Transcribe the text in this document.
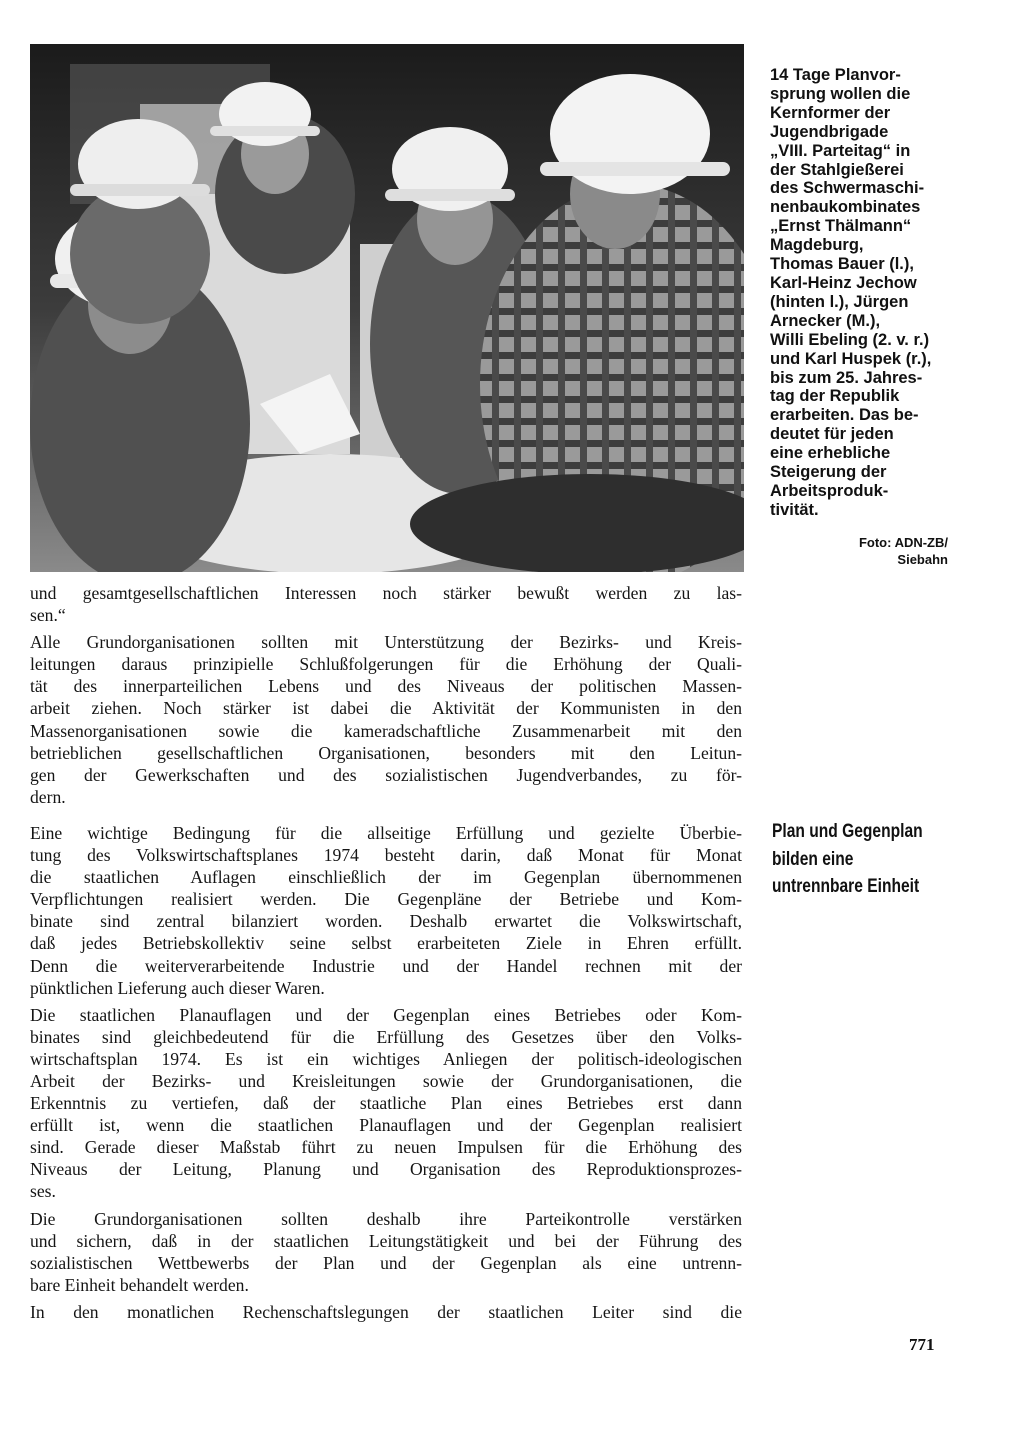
14 Tage Planvor-
sprung wollen die
Kernformer der
Jugendbrigade
„VIII. Parteitag“ in
der Stahlgießerei
des Schwermaschi-
nenbaukombinates
„Ernst Thälmann“
Magdeburg,
Thomas Bauer (l.),
Karl-Heinz Jechow
(hinten l.), Jürgen
Arnecker (M.),
Willi Ebeling (2. v. r.)
und Karl Huspek (r.),
bis zum 25. Jahres-
tag der Republik
erarbeiten. Das be-
deutet für jeden
eine erhebliche
Steigerung der
Arbeitsproduk-
tivität.
Foto: ADN-ZB/
Siebahn

und gesamtgesellschaftlichen Interessen noch stärker bewußt werden zu las-
sen.“

Alle Grundorganisationen sollten mit Unterstützung der Bezirks- und Kreis-
leitungen daraus prinzipielle Schlußfolgerungen für die Erhöhung der Quali-
tät des innerparteilichen Lebens und des Niveaus der politischen Massen-
arbeit ziehen. Noch stärker ist dabei die Aktivität der Kommunisten in den
Massenorganisationen sowie die kameradschaftliche Zusammenarbeit mit den
betrieblichen gesellschaftlichen Organisationen, besonders mit den Leitun-
gen der Gewerkschaften und des sozialistischen Jugendverbandes, zu för-
dern.

Eine wichtige Bedingung für die allseitige Erfüllung und gezielte Überbie-
tung des Volkswirtschaftsplanes 1974 besteht darin, daß Monat für Monat
die staatlichen Auflagen einschließlich der im Gegenplan übernommenen
Verpflichtungen realisiert werden. Die Gegenpläne der Betriebe und Kom-
binate sind zentral bilanziert worden. Deshalb erwartet die Volkswirtschaft,
daß jedes Betriebskollektiv seine selbst erarbeiteten Ziele in Ehren erfüllt.
Denn die weiterverarbeitende Industrie und der Handel rechnen mit der
pünktlichen Lieferung auch dieser Waren.

Die staatlichen Planauflagen und der Gegenplan eines Betriebes oder Kom-
binates sind gleichbedeutend für die Erfüllung des Gesetzes über den Volks-
wirtschaftsplan 1974. Es ist ein wichtiges Anliegen der politisch-ideologischen
Arbeit der Bezirks- und Kreisleitungen sowie der Grundorganisationen, die
Erkenntnis zu vertiefen, daß der staatliche Plan eines Betriebes erst dann
erfüllt ist, wenn die staatlichen Planauflagen und der Gegenplan realisiert
sind. Gerade dieser Maßstab führt zu neuen Impulsen für die Erhöhung des
Niveaus der Leitung, Planung und Organisation des Reproduktionsprozes-
ses.

Die Grundorganisationen sollten deshalb ihre Parteikontrolle verstärken
und sichern, daß in der staatlichen Leitungstätigkeit und bei der Führung des
sozialistischen Wettbewerbs der Plan und der Gegenplan als eine untrenn-
bare Einheit behandelt werden.

In den monatlichen Rechenschaftslegungen der staatlichen Leiter sind die

Plan und Gegenplan
bilden eine
untrennbare Einheit
771
